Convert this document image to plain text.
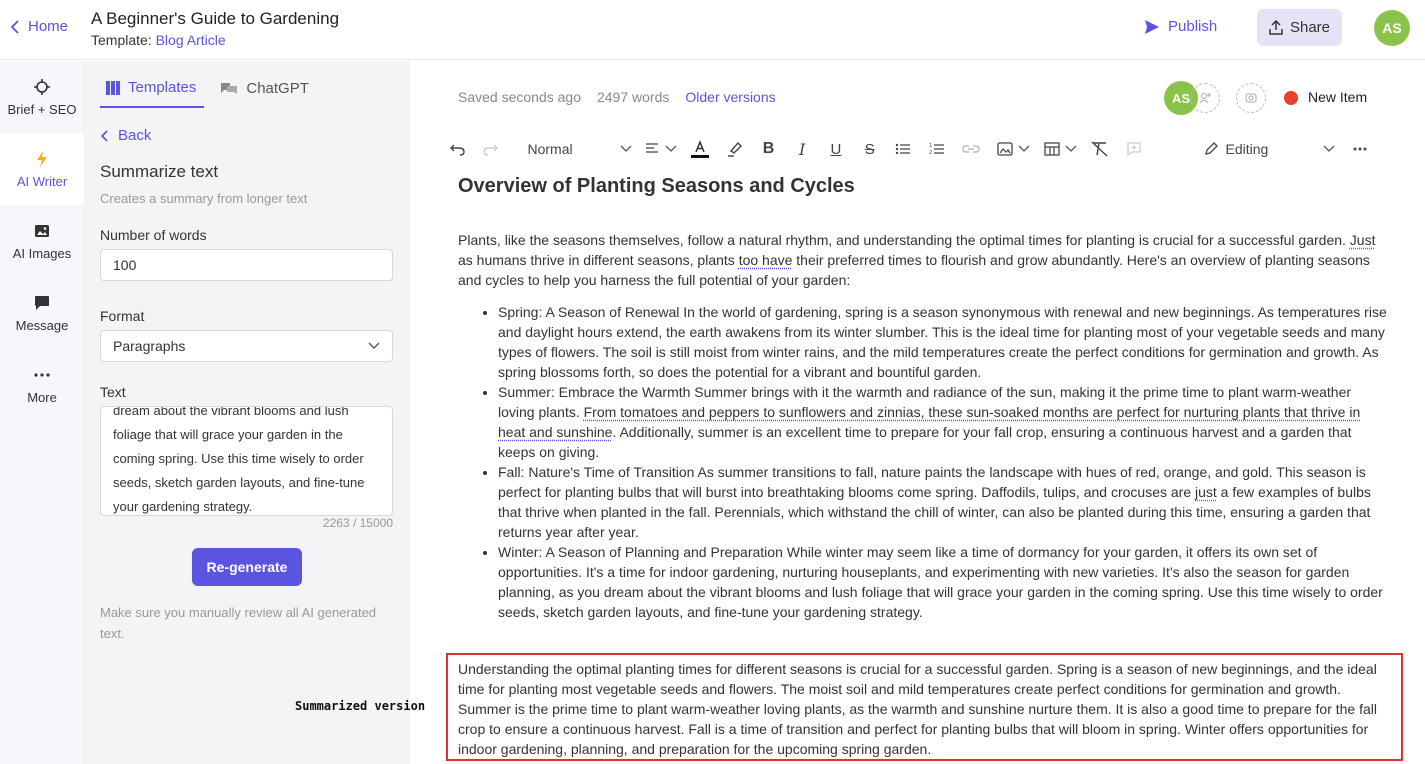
Home A Beginner's Guide to Gardening
Template: Blog Article
Publish	Share	AS
Brief + SEO
AI Writer
AI Images
Message
More
Templates	ChatGPT
Back
Summarize text
Creates a summary from longer text
Number of words
100
Format
Paragraphs
Text
dream about the vibrant blooms and lush foliage that will grace your garden in the coming spring. Use this time wisely to order seeds, sketch garden layouts, and fine-tune your gardening strategy.
2263 / 15000
Re-generate
Make sure you manually review all AI generated text.
Saved seconds ago 2497 words Older versions	AS	New Item
Normal	B	I	U	S	1
2	Editing
Overview of Planting Seasons and Cycles

Plants, like the seasons themselves, follow a natural rhythm, and understanding the optimal times for planting is crucial for a successful garden. Just as humans thrive in different seasons, plants too have their preferred times to flourish and grow abundantly. Here's an overview of planting seasons and cycles to help you harness the full potential of your garden:

• Spring: A Season of Renewal In the world of gardening, spring is a season synonymous with renewal and new beginnings. As temperatures rise and daylight hours extend, the earth awakens from its winter slumber. This is the ideal time for planting most of your vegetable seeds and many types of flowers. The soil is still moist from winter rains, and the mild temperatures create the perfect conditions for germination and growth. As spring blossoms forth, so does the potential for a vibrant and bountiful garden.
• Summer: Embrace the Warmth Summer brings with it the warmth and radiance of the sun, making it the prime time to plant warm-weather loving plants. From tomatoes and peppers to sunflowers and zinnias, these sun-soaked months are perfect for nurturing plants that thrive in heat and sunshine. Additionally, summer is an excellent time to prepare for your fall crop, ensuring a continuous harvest and a garden that keeps on giving.
• Fall: Nature's Time of Transition As summer transitions to fall, nature paints the landscape with hues of red, orange, and gold. This season is perfect for planting bulbs that will burst into breathtaking blooms come spring. Daffodils, tulips, and crocuses are just a few examples of bulbs that thrive when planted in the fall. Perennials, which withstand the chill of winter, can also be planted during this time, ensuring a garden that returns year after year.
• Winter: A Season of Planning and Preparation While winter may seem like a time of dormancy for your garden, it offers its own set of opportunities. It's a time for indoor gardening, nurturing houseplants, and experimenting with new varieties. It's also the season for garden planning, as you dream about the vibrant blooms and lush foliage that will grace your garden in the coming spring. Use this time wisely to order seeds, sketch garden layouts, and fine-tune your gardening strategy.
Summarized version
Understanding the optimal planting times for different seasons is crucial for a successful garden. Spring is a season of new beginnings, and the ideal time for planting most vegetable seeds and flowers. The moist soil and mild temperatures create perfect conditions for germination and growth. Summer is the prime time to plant warm-weather loving plants, as the warmth and sunshine nurture them. It is also a good time to prepare for the fall crop to ensure a continuous harvest. Fall is a time of transition and perfect for planting bulbs that will bloom in spring. Winter offers opportunities for indoor gardening, planning, and preparation for the upcoming spring garden.
